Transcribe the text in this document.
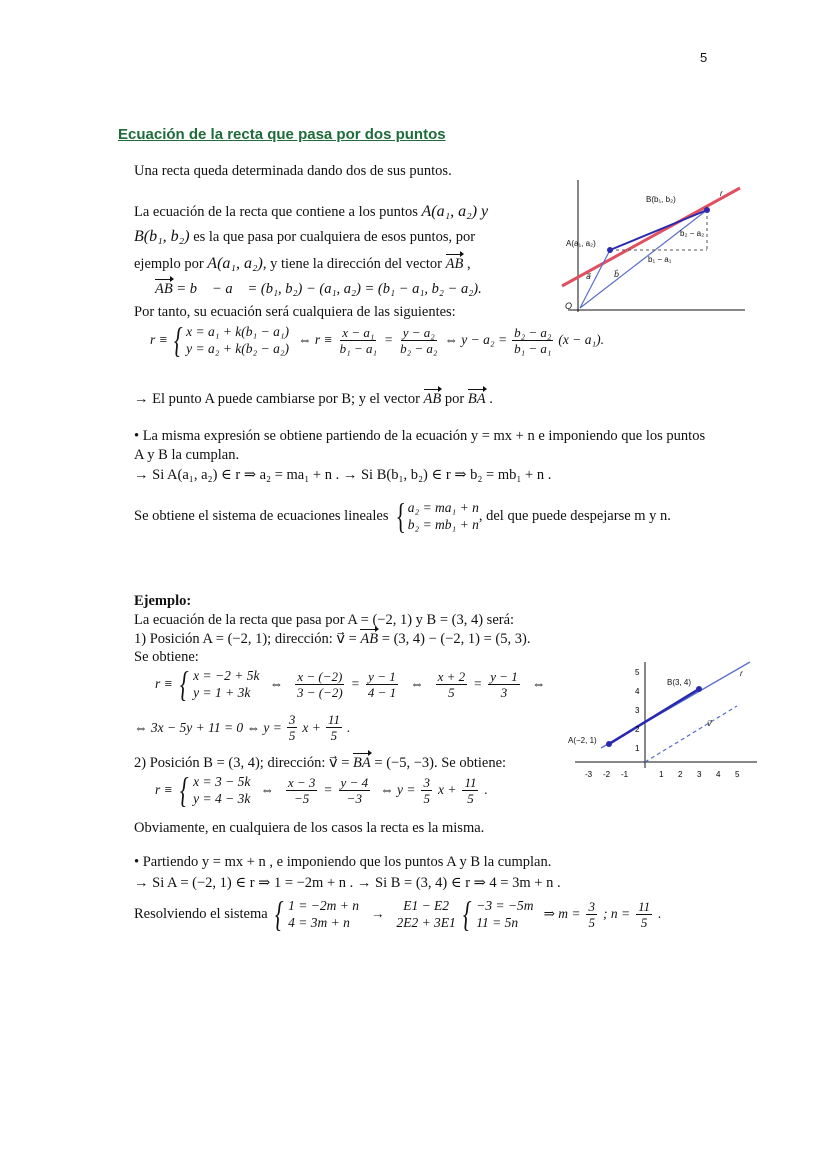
5
Ecuación de la recta que pasa por dos puntos
Una recta queda determinada dando dos de sus puntos.
La ecuación de la recta que contiene a los puntos A(a₁, a₂) y
B(b₁, b₂) es la que pasa por cualquiera de esos puntos, por
ejemplo por A(a₁, a₂), y tiene la dirección del vector AB ,
AB = b⃗ − a⃗ = (b₁, b₂) − (a₁, a₂) = (b₁ − a₁, b₂ − a₂).
Por tanto, su ecuación será cualquiera de las siguientes:
r ≡ { x = a₁ + k(b₁ − a₁)
y = a₂ + k(b₂ − a₂)
⇔ $r \equiv \frac{\text{x − a₁}}{\text{b₁ − a₁}} = \frac{\text{y − a₂}}{\text{b₂ − a₂}}$ ⇔ $y - a_2 = \frac{\text{b₂ − a₂}}{\text{b₁ − a₁}} (x - a_1)$.
→ El punto A puede cambiarse por B; y el vector AB por BA .
• La misma expresión se obtiene partiendo de la ecuación y = mx + n e imponiendo que los puntos
A y B la cumplan.
→ Si A(a₁, a₂) ∈ r ⇒ a₂ = ma₁ + n . → Si B(b₁, b₂) ∈ r ⇒ b₂ = mb₁ + n .
Se obtiene el sistema de ecuaciones lineales { a₂ = ma₁ + n
b₂ = mb₁ + n
, del que puede despejarse m y n.
Ejemplo:
La ecuación de la recta que pasa por A = (−2, 1) y B = (3, 4) será:
1) Posición A = (−2, 1); dirección: v⃗ = AB = (3, 4) − (−2, 1) = (5, 3).
Se obtiene:
r ≡ { x = −2 + 5k
y = 1 + 3k
⇔ $\frac{x - (-2)}{3 - (-2)} = \frac{y - 1}{4 - 1}$ ⇔ $\frac{x + 2}{5} = \frac{y - 1}{3}$ ⇔
⇔ 3x − 5y + 11 = 0 ⇔ $y = \frac{3}{5}$ $x + \frac{11}{5}$ .
2) Posición B = (3, 4); dirección: v⃗ = BA = (−5, −3). Se obtiene:
r ≡ { x = 3 − 5k
y = 4 − 3k
⇔ $\frac{x - 3}{-5} = \frac{y - 4}{-3}$ ⇔ $y = \frac{3}{5}$ $x + \frac{11}{5}$ .
Obviamente, en cualquiera de los casos la recta es la misma.
• Partiendo y = mx + n , e imponiendo que los puntos A y B la cumplan.
→ Si A = (−2, 1) ∈ r ⇒ 1 = −2m + n . → Si B = (3, 4) ∈ r ⇒ 4 = 3m + n .
Resolviendo el sistema { 1 = −2m + n
4 = 3m + n
→
E1 − E2
2E2 + 3E1 { −3 = −5m
11 = 5n
⇒ $m = \frac{3}{5}$ ; $n = \frac{11}{5}$ .
B(b₁, b₂)
A(a₁, a₂)
r
b₂ − a₂
b₁ − a₁
a⃗	b⃗
O
B(3, 4)
A(−2, 1)
r
v⃗
-3 -2 -1	1 2 3 4 5
1
2
3
4
5
